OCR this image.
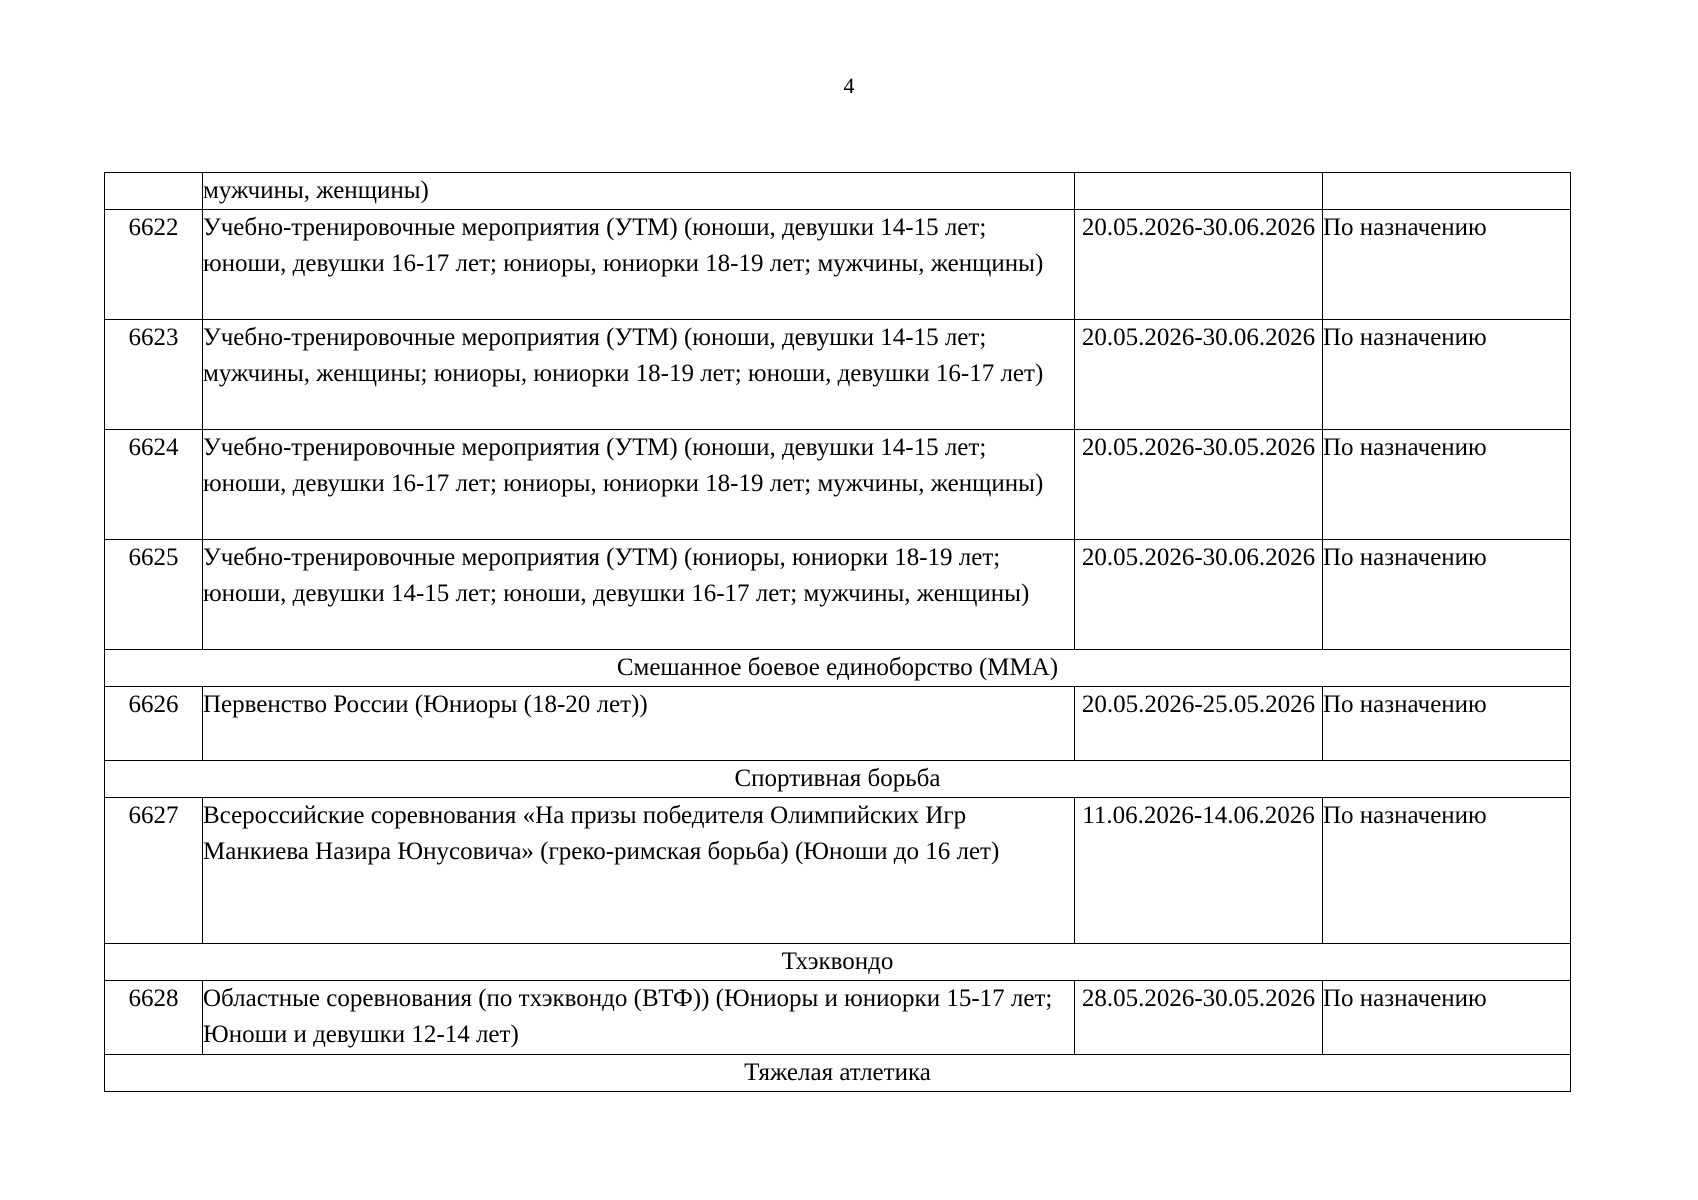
4
	мужчины, женщины)		
6622	Учебно-тренировочные мероприятия (УТМ) (юноши, девушки 14-15 лет; юноши, девушки 16-17 лет; юниоры, юниорки 18-19 лет; мужчины, женщины)	20.05.2026-30.06.2026	По назначению
6623	Учебно-тренировочные мероприятия (УТМ) (юноши, девушки 14-15 лет; мужчины, женщины; юниоры, юниорки 18-19 лет; юноши, девушки 16-17 лет)	20.05.2026-30.06.2026	По назначению
6624	Учебно-тренировочные мероприятия (УТМ) (юноши, девушки 14-15 лет; юноши, девушки 16-17 лет; юниоры, юниорки 18-19 лет; мужчины, женщины)	20.05.2026-30.05.2026	По назначению
6625	Учебно-тренировочные мероприятия (УТМ) (юниоры, юниорки 18-19 лет; юноши, девушки 14-15 лет; юноши, девушки 16-17 лет; мужчины, женщины)	20.05.2026-30.06.2026	По назначению
Смешанное боевое единоборство (ММА)			
6626	Первенство России (Юниоры (18-20 лет))	20.05.2026-25.05.2026	По назначению
Спортивная борьба			
6627	Всероссийские соревнования «На призы победителя Олимпийских Игр Манкиева Назира Юнусовича» (греко-римская борьба) (Юноши до 16 лет)	11.06.2026-14.06.2026	По назначению
Тхэквондо			
6628	Областные соревнования (по тхэквондо (ВТФ)) (Юниоры и юниорки 15-17 лет; Юноши и девушки 12-14 лет)	28.05.2026-30.05.2026	По назначению
Тяжелая атлетика			
